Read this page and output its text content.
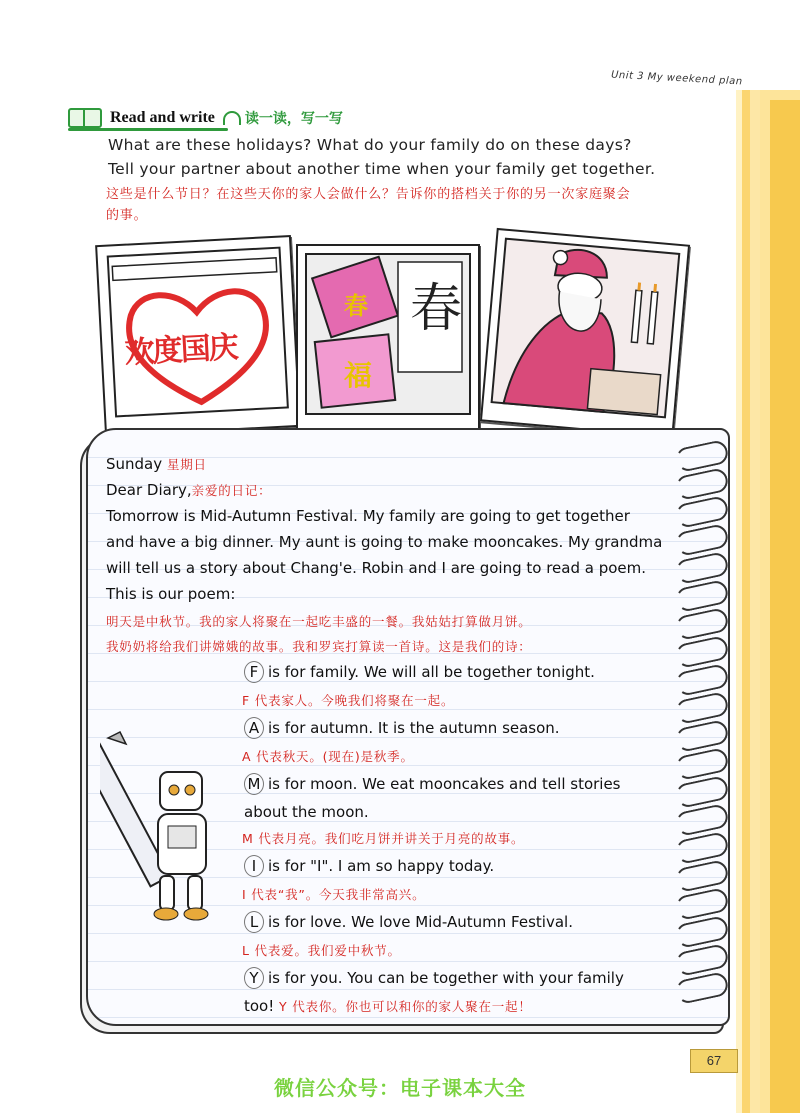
Unit 3 My weekend plan
Read and write 读一读，写一写
What are these holidays? What do your family do on these days?
Tell your partner about another time when your family get together.
这些是什么节日？在这些天你的家人会做什么？告诉你的搭档关于你的另一次家庭聚会
的事。
欢度国庆
春
福
春
Sunday 星期日
Dear Diary,亲爱的日记：
Tomorrow is Mid-Autumn Festival. My family are going to get together
and have a big dinner. My aunt is going to make mooncakes. My grandma
will tell us a story about Chang'e. Robin and I are going to read a poem.
This is our poem:
明天是中秋节。我的家人将聚在一起吃丰盛的一餐。我姑姑打算做月饼。
我奶奶将给我们讲嫦娥的故事。我和罗宾打算读一首诗。这是我们的诗：
F is for family. We will all be together tonight.
F 代表家人。今晚我们将聚在一起。
A is for autumn. It is the autumn season.
A 代表秋天。(现在)是秋季。
M is for moon. We eat mooncakes and tell stories
about the moon.
M 代表月亮。我们吃月饼并讲关于月亮的故事。
I is for "I". I am so happy today.
I 代表“我”。今天我非常高兴。
L is for love. We love Mid-Autumn Festival.
L 代表爱。我们爱中秋节。
Y is for you. You can be together with your family
too! Y 代表你。你也可以和你的家人聚在一起！
67
微信公众号：电子课本大全
